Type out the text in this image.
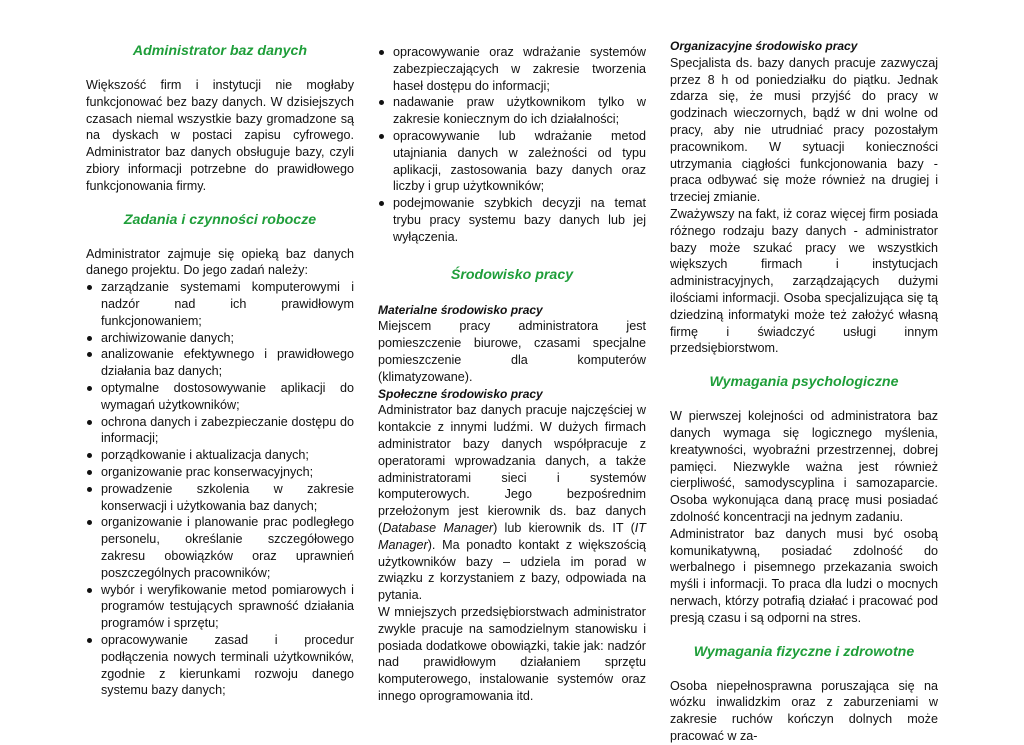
Administrator baz danych

Większość firm i instytucji nie mogłaby funkcjonować bez bazy danych. W dzisiejszych czasach niemal wszystkie bazy gromadzone są na dyskach w postaci zapisu cyfrowego. Administrator baz danych obsługuje bazy, czyli zbiory informacji potrzebne do prawidłowego funkcjonowania firmy.

Zadania i czynności robocze

Administrator zajmuje się opieką baz danych danego projektu. Do jego zadań należy:

zarządzanie systemami komputerowymi i nadzór nad ich prawidłowym funkcjonowaniem;
archiwizowanie danych;
analizowanie efektywnego i prawidłowego działania baz danych;
optymalne dostosowywanie aplikacji do wymagań użytkowników;
ochrona danych i zabezpieczanie dostępu do informacji;
porządkowanie i aktualizacja danych;
organizowanie prac konserwacyjnych;
prowadzenie szkolenia w zakresie konserwacji i użytkowania baz danych;
organizowanie i planowanie prac podległego personelu, określanie szczegółowego zakresu obowiązków oraz uprawnień poszczególnych pracowników;
wybór i weryfikowanie metod pomiarowych i programów testujących sprawność działania programów i sprzętu;
opracowywanie zasad i procedur podłączenia nowych terminali użytkowników, zgodnie z kierunkami rozwoju danego systemu bazy danych;
opracowywanie oraz wdrażanie systemów zabezpieczających w zakresie tworzenia haseł dostępu do informacji;
nadawanie praw użytkownikom tylko w zakresie koniecznym do ich działalności;
opracowywanie lub wdrażanie metod utajniania danych w zależności od typu aplikacji, zastosowania bazy danych oraz liczby i grup użytkowników;
podejmowanie szybkich decyzji na temat trybu pracy systemu bazy danych lub jej wyłączenia.
Środowisko pracy

Materialne środowisko pracy

Miejscem pracy administratora jest pomieszczenie biurowe, czasami specjalne pomieszczenie dla komputerów (klimatyzowane).

Społeczne środowisko pracy

Administrator baz danych pracuje najczęściej w kontakcie z innymi ludźmi. W dużych firmach administrator bazy danych współpracuje z operatorami wprowadzania danych, a także administratorami sieci i systemów komputerowych. Jego bezpośrednim przełożonym jest kierownik ds. baz danych (Database Manager) lub kierownik ds. IT (IT Manager). Ma ponadto kontakt z większością użytkowników bazy – udziela im porad w związku z korzystaniem z bazy, odpowiada na pytania.

W mniejszych przedsiębiorstwach administrator zwykle pracuje na samodzielnym stanowisku i posiada dodatkowe obowiązki, takie jak: nadzór nad prawidłowym działaniem sprzętu komputerowego, instalowanie systemów oraz innego oprogramowania itd.

Organizacyjne środowisko pracy

Specjalista ds. bazy danych pracuje zazwyczaj przez 8 h od poniedziałku do piątku. Jednak zdarza się, że musi przyjść do pracy w godzinach wieczornych, bądź w dni wolne od pracy, aby nie utrudniać pracy pozostałym pracownikom. W sytuacji konieczności utrzymania ciągłości funkcjonowania bazy - praca odbywać się może również na drugiej i trzeciej zmianie.

Zważywszy na fakt, iż coraz więcej firm posiada różnego rodzaju bazy danych - administrator bazy może szukać pracy we wszystkich większych firmach i instytucjach administracyjnych, zarządzających dużymi ilościami informacji. Osoba specjalizująca się tą dziedziną informatyki może też założyć własną firmę i świadczyć usługi innym przedsiębiorstwom.

Wymagania psychologiczne

W pierwszej kolejności od administratora baz danych wymaga się logicznego myślenia, kreatywności, wyobraźni przestrzennej, dobrej pamięci. Niezwykle ważna jest również cierpliwość, samodyscyplina i samozaparcie. Osoba wykonująca daną pracę musi posiadać zdolność koncentracji na jednym zadaniu.

Administrator baz danych musi być osobą komunikatywną, posiadać zdolność do werbalnego i pisemnego przekazania swoich myśli i informacji. To praca dla ludzi o mocnych nerwach, którzy potrafią działać i pracować pod presją czasu i są odporni na stres.

Wymagania fizyczne i zdrowotne

Osoba niepełnosprawna poruszająca się na wózku inwalidzkim oraz z zaburzeniami w zakresie ruchów kończyn dolnych może pracować w za-
